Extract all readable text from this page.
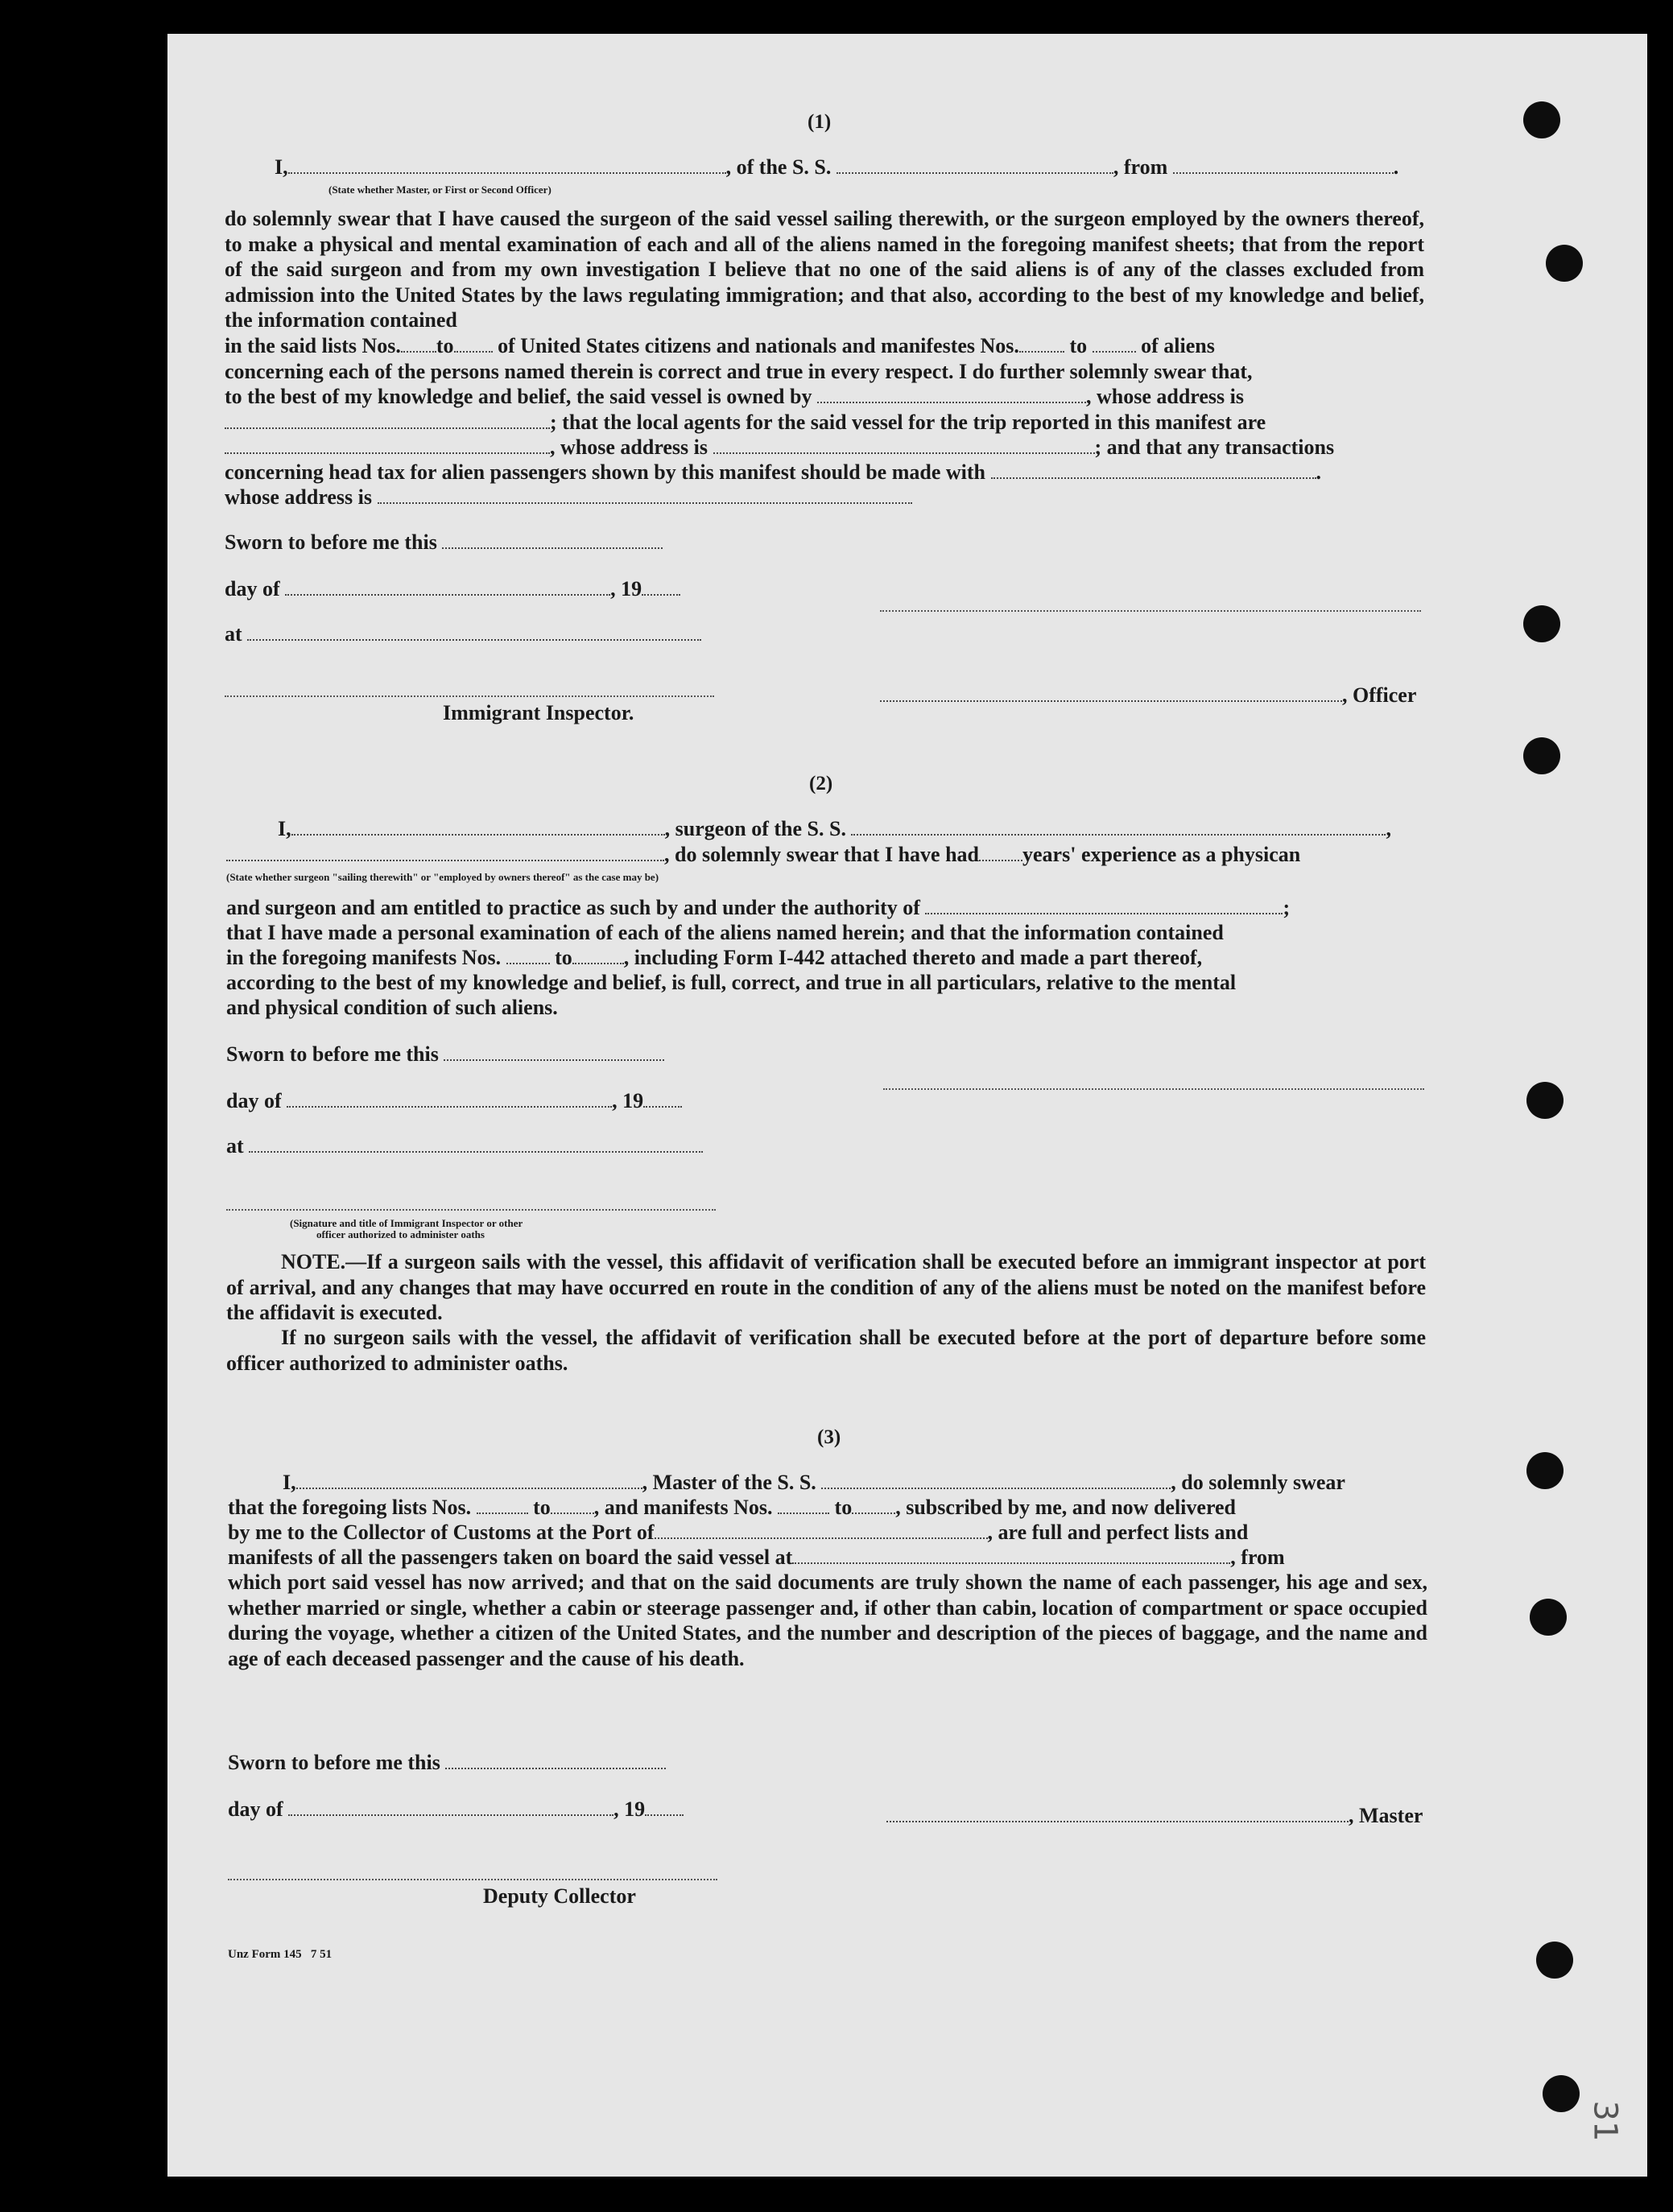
31
(1)
I,	, of the S. S.	, from	.
(State whether Master, or First or Second Officer)
do solemnly swear that I have caused the surgeon of the said vessel sailing therewith, or the surgeon employed by the owners thereof, to make a physical and mental examination of each and all of the aliens named in the foregoing manifest sheets; that from the report of the said surgeon and from my own investigation I believe that no one of the said aliens is of any of the classes excluded from admission into the United States by the laws regulating immigration; and that also, according to the best of my knowledge and belief, the information contained
in the said lists Nos. to of United States citizens and nationals and manifestes Nos. to	of aliens
concerning each of the persons named therein is correct and true in every respect. I do further solemnly swear that,
to the best of my knowledge and belief, the said vessel is owned by	, whose address is
; that the local agents for the said vessel for the trip reported in this manifest are
, whose address is	; and that any transactions
concerning head tax for alien passengers shown by this manifest should be made with	.
whose address is
Sworn to before me this
day of	, 19
at
, Officer
Immigrant Inspector.
(2)
I,	, surgeon of the S. S.	,
, do solemnly swear that I have had years' experience as a physican
(State whether surgeon "sailing therewith" or "employed by owners thereof" as the case may be)
and surgeon and am entitled to practice as such by and under the authority of	;
that I have made a personal examination of each of the aliens named herein; and that the information contained
in the foregoing manifests Nos.	to , including Form I-442 attached thereto and made a part thereof,
according to the best of my knowledge and belief, is full, correct, and true in all particulars, relative to the mental
and physical condition of such aliens.
Sworn to before me this
day of	, 19
at
(Signature and title of Immigrant Inspector or other
officer authorized to administer oaths
NOTE.—If a surgeon sails with the vessel, this affidavit of verification shall be executed before an immigrant inspector at port of arrival, and any changes that may have occurred en route in the condition of any of the aliens must be noted on the manifest before the affidavit is executed.
If no surgeon sails with the vessel, the affidavit of verification shall be executed before at the port of departure before some officer authorized to administer oaths.
(3)
I,	, Master of the S. S.	, do solemnly swear
that the foregoing lists Nos.	to , and manifests Nos.	to , subscribed by me, and now delivered
by me to the Collector of Customs at the Port of	, are full and perfect lists and
manifests of all the passengers taken on board the said vessel at	, from
which port said vessel has now arrived; and that on the said documents are truly shown the name of each passenger, his age and sex, whether married or single, whether a cabin or steerage passenger and, if other than cabin, location of compartment or space occupied during the voyage, whether a citizen of the United States, and the number and description of the pieces of baggage, and the name and age of each deceased passenger and the cause of his death.
Sworn to before me this
day of	, 19	, Master
Deputy Collector
Unz Form 145   7 51
